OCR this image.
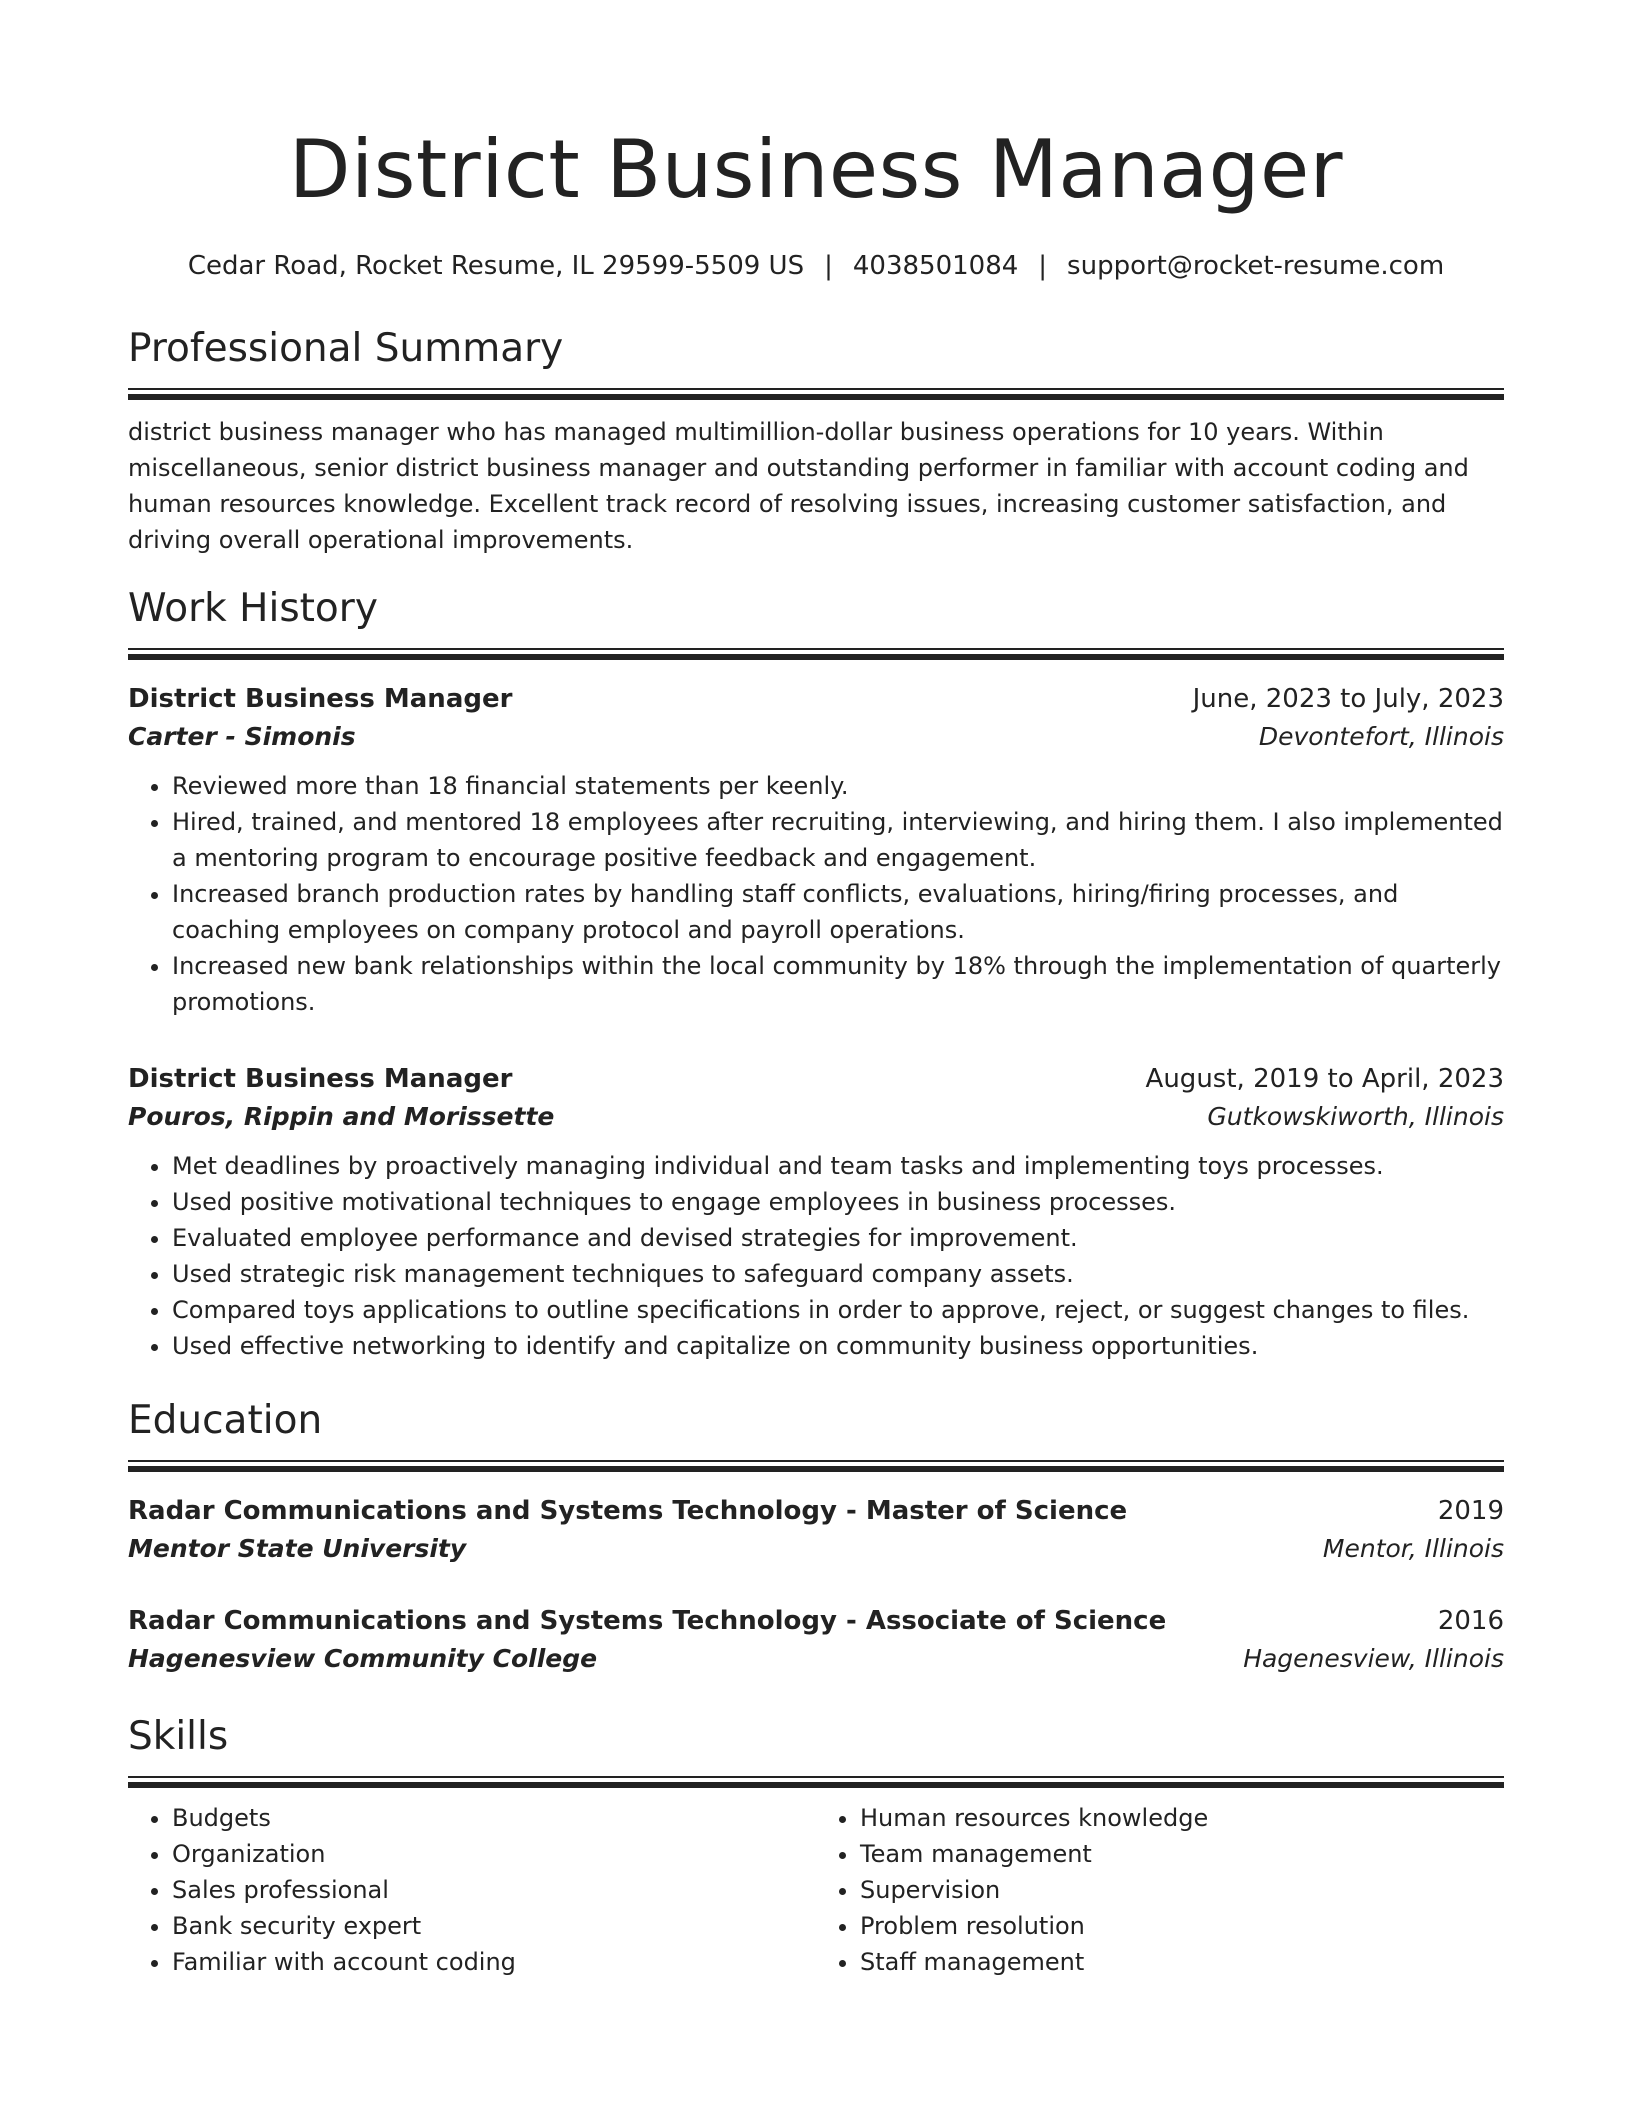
District Business Manager
Cedar Road, Rocket Resume, IL 29599-5509 US | 4038501084 | support@rocket-resume.com
Professional Summary

district business manager who has managed multimillion-dollar business operations for 10 years. Within miscellaneous, senior district business manager and outstanding performer in familiar with account coding and human resources knowledge. Excellent track record of resolving issues, increasing customer satisfaction, and driving overall operational improvements.

Work History
District Business Manager	June, 2023 to July, 2023
Carter - Simonis	Devontefort, Illinois
• Reviewed more than 18 financial statements per keenly.
• Hired, trained, and mentored 18 employees after recruiting, interviewing, and hiring them. I also implemented a mentoring program to encourage positive feedback and engagement.
• Increased branch production rates by handling staff conflicts, evaluations, hiring/firing processes, and coaching employees on company protocol and payroll operations.
• Increased new bank relationships within the local community by 18% through the implementation of quarterly promotions.
District Business Manager	August, 2019 to April, 2023
Pouros, Rippin and Morissette	Gutkowskiworth, Illinois
• Met deadlines by proactively managing individual and team tasks and implementing toys processes.
• Used positive motivational techniques to engage employees in business processes.
• Evaluated employee performance and devised strategies for improvement.
• Used strategic risk management techniques to safeguard company assets.
• Compared toys applications to outline specifications in order to approve, reject, or suggest changes to files.
• Used effective networking to identify and capitalize on community business opportunities.
Education
Radar Communications and Systems Technology - Master of Science	2019
Mentor State University	Mentor, Illinois
Radar Communications and Systems Technology - Associate of Science	2016
Hagenesview Community College	Hagenesview, Illinois
Skills
• Budgets
• Organization
• Sales professional
• Bank security expert
• Familiar with account coding
• Human resources knowledge
• Team management
• Supervision
• Problem resolution
• Staff management
